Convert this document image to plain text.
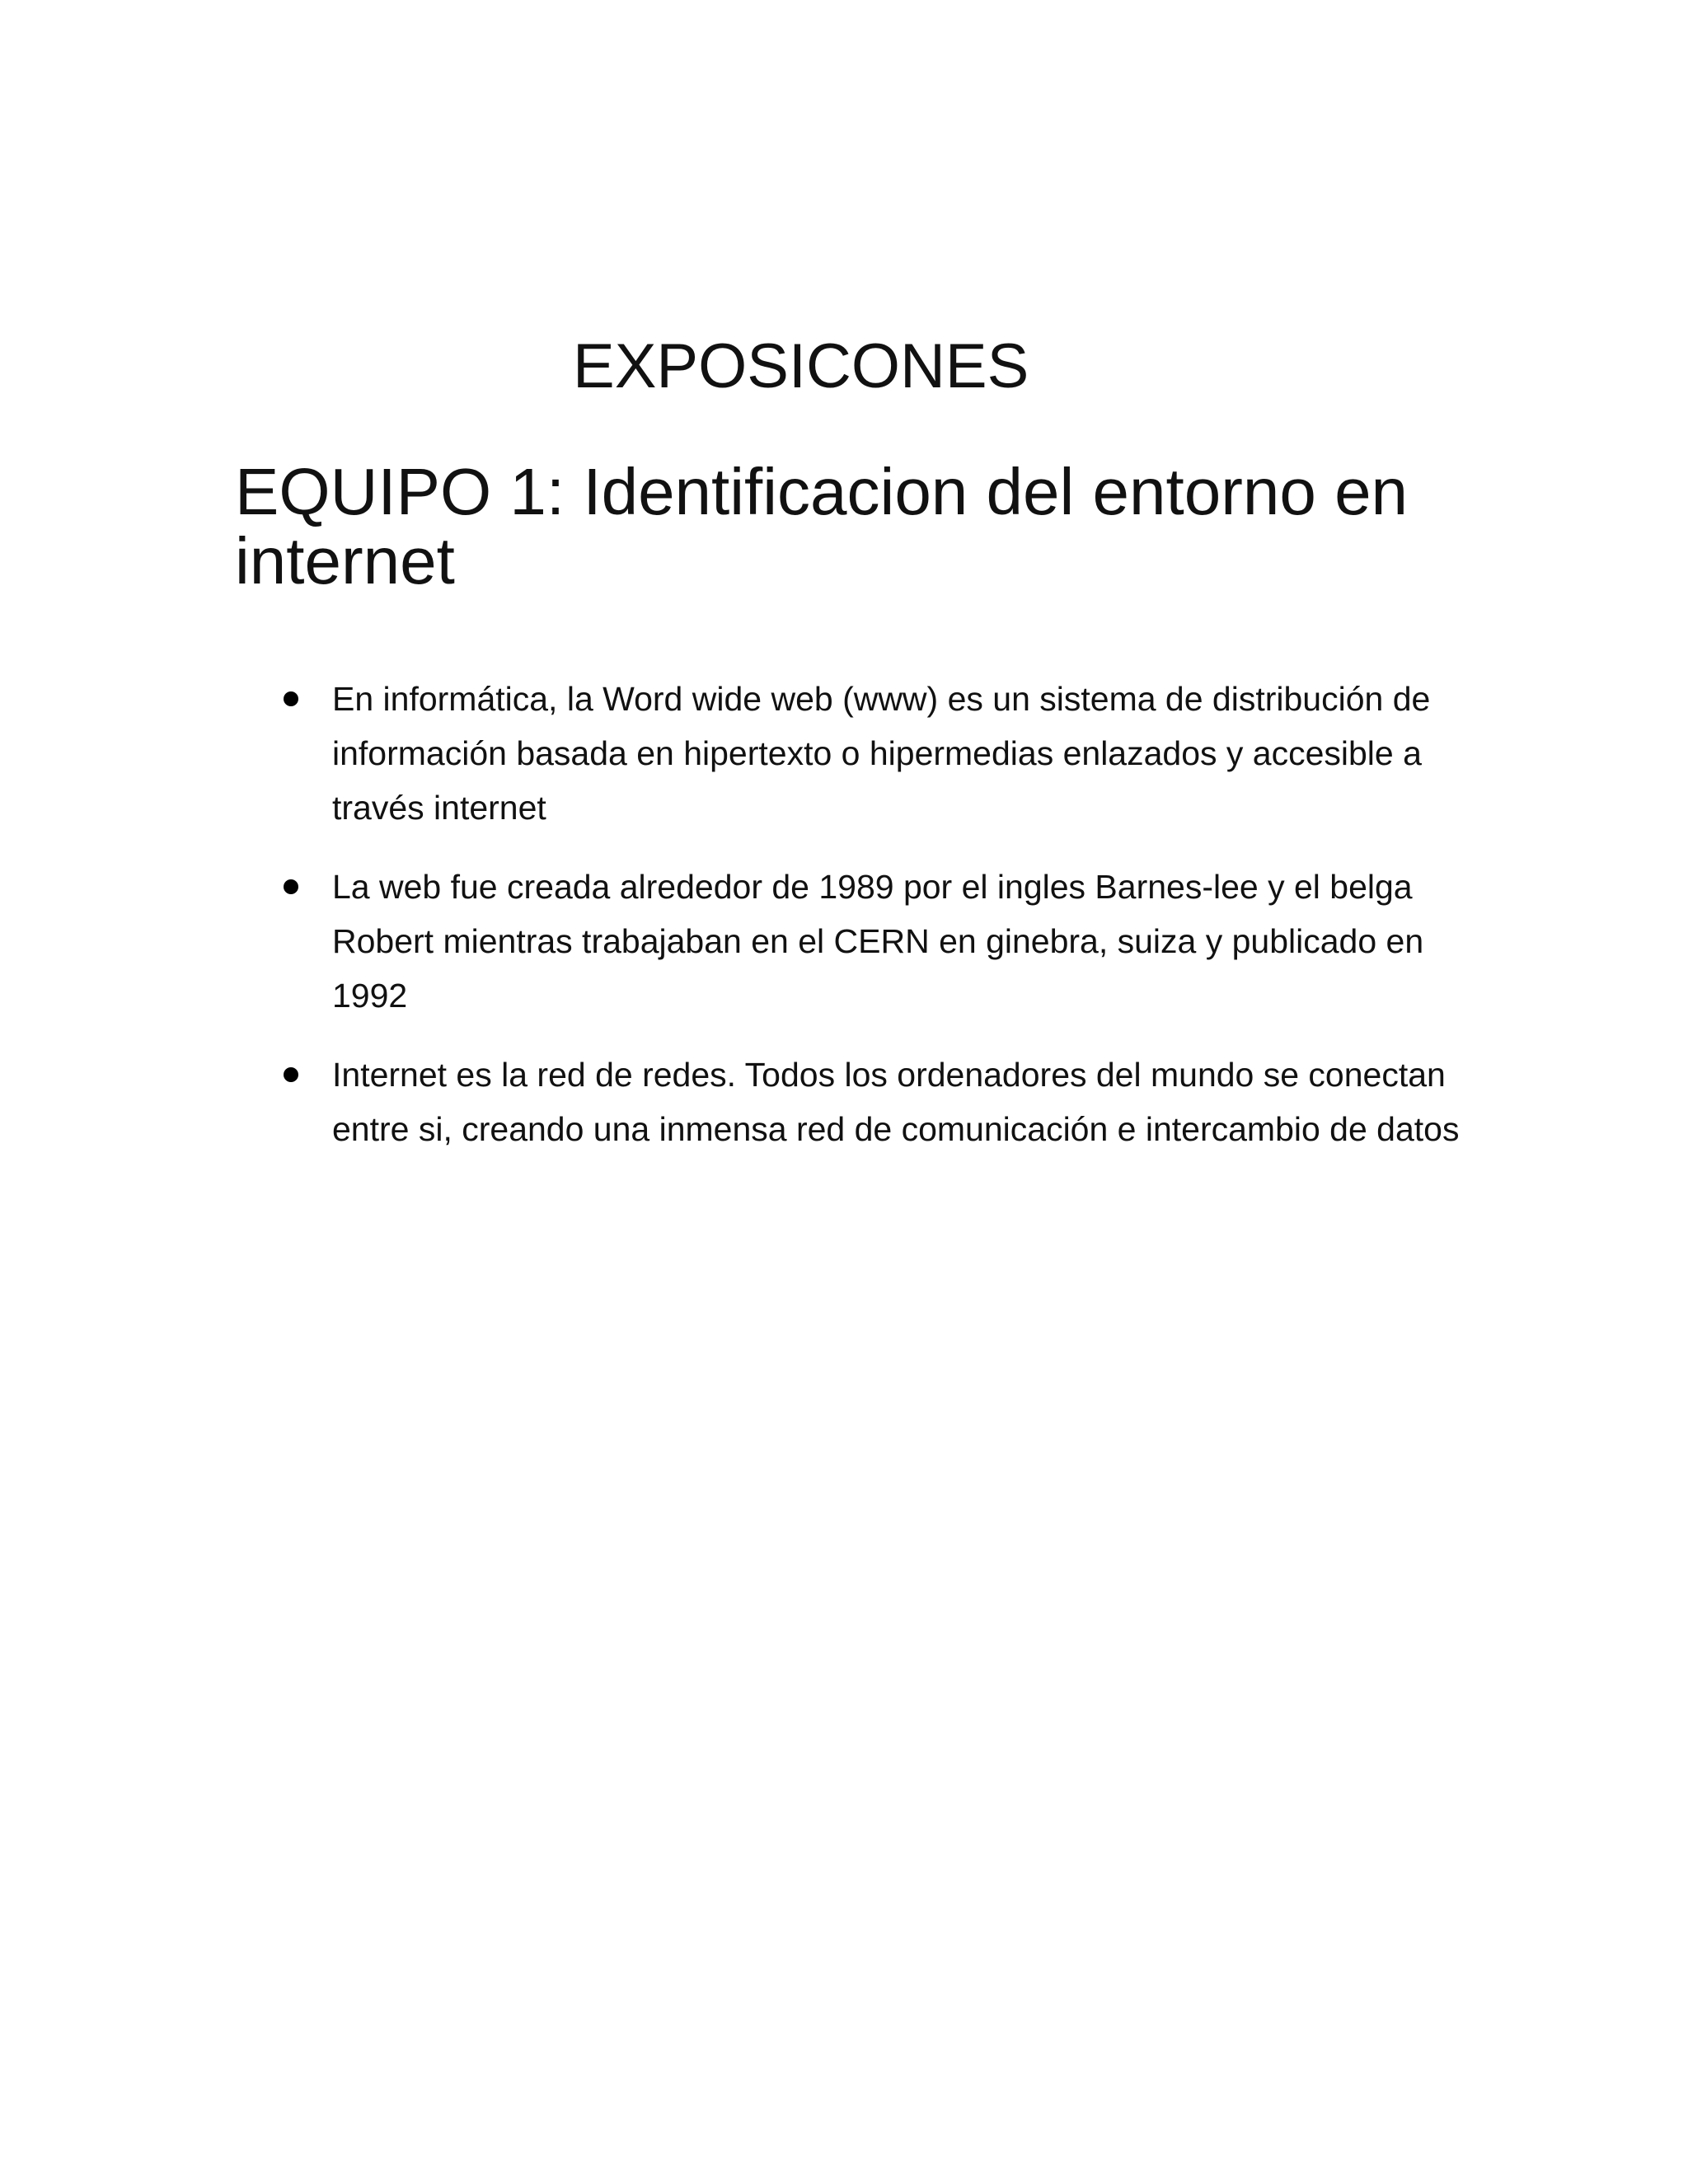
EXPOSICONES
EQUIPO 1: Identificacion del entorno en internet
En informática, la Word wide web (www) es un sistema de distribución de información basada en hipertexto o hipermedias enlazados y accesible a través internet
La web fue creada alrededor de 1989 por el ingles Barnes-lee y el belga Robert mientras trabajaban en el CERN en ginebra, suiza y publicado en 1992
Internet es la red de redes. Todos los ordenadores del mundo se conectan entre si, creando una inmensa red de comunicación e intercambio de datos
